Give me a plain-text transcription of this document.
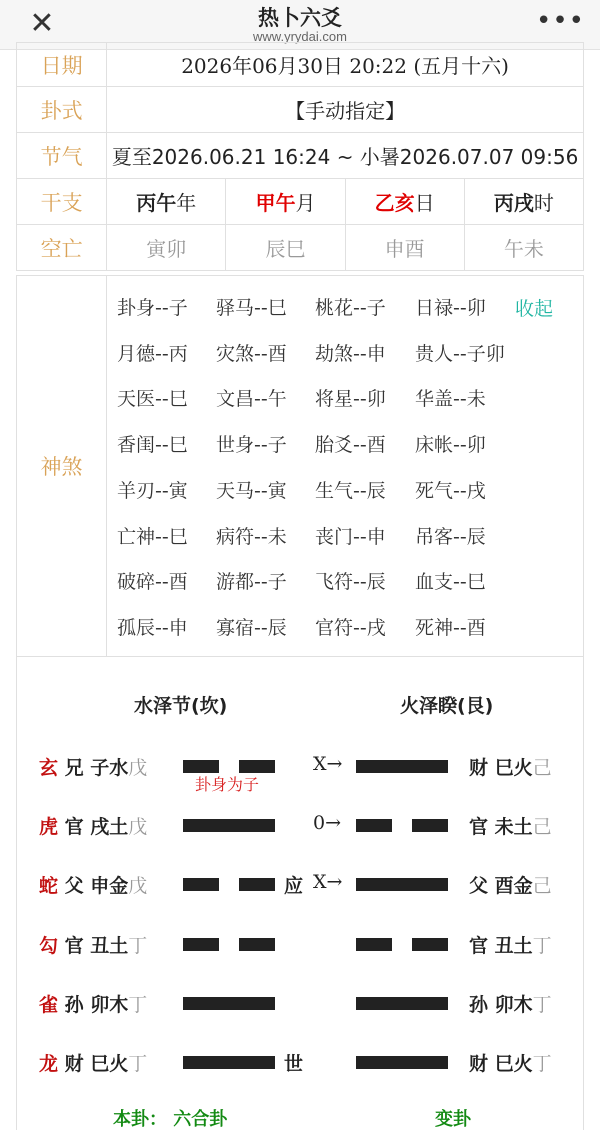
✕	热卜六爻
www.yrydai.com
•••
日期	2026年06月30日 20:22 (五月十六)			
卦式	【手动指定】			
节气	夏至2026.06.21 16:24 ~ 小暑2026.07.07 09:56			
干支	丙午年	甲午月	乙亥日	丙戌时
空亡	寅卯	辰巳	申酉	午未
神煞
卦身--子 驿马--巳 桃花--子 日禄--卯
月德--丙 灾煞--酉 劫煞--申 贵人--子卯
天医--巳 文昌--午 将星--卯 华盖--未
香闺--巳 世身--子 胎爻--酉 床帐--卯
羊刃--寅 天马--寅 生气--辰 死气--戌
亡神--巳 病符--未 丧门--申 吊客--辰
破碎--酉 游都--子 飞符--辰 血支--巳
孤辰--申 寡宿--辰 官符--戌 死神--酉
收起
水泽节(坎)	火泽睽(艮)
玄 兄 子水戊	X→	财 巳火己
虎 官 戌土戊	0→	官 未土己
蛇 父 申金戊	应 X→	父 酉金己
勾 官 丑土丁	官 丑土丁
雀 孙 卯木丁	孙 卯木丁
龙 财 巳火丁	世	财 巳火丁
卦身为子
本卦： 六合卦	变卦
